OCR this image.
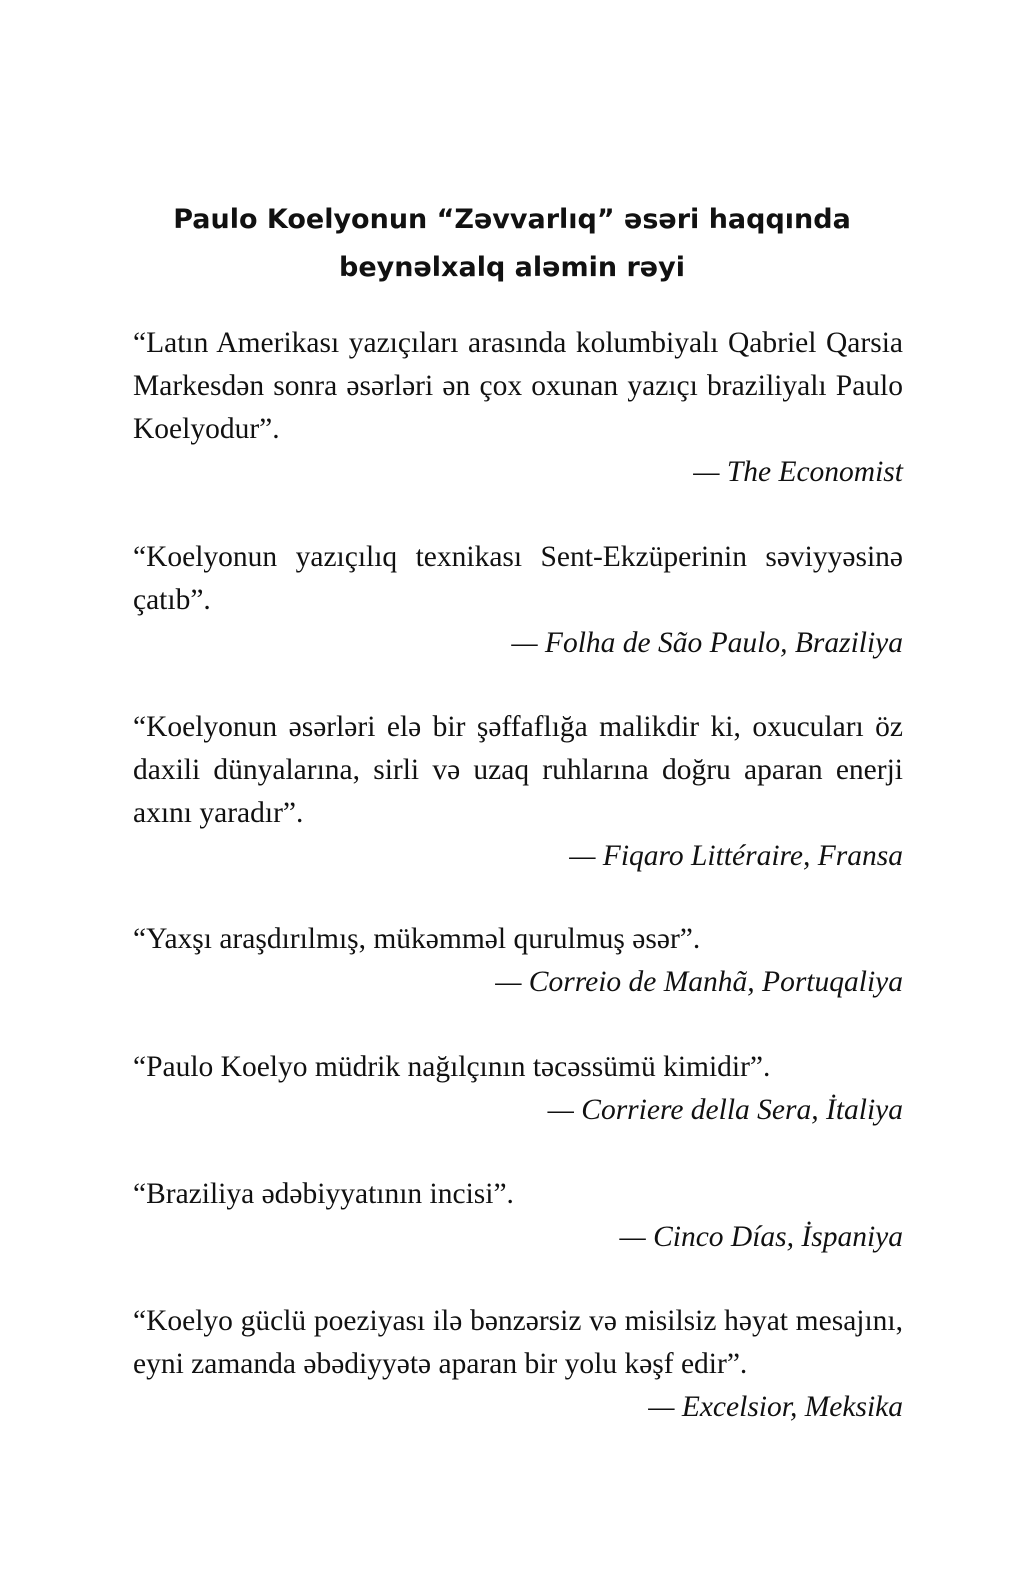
Paulo Koelyonun “Zəvvarlıq” əsəri haqqında
beynəlxalq aləmin rəyi

“Latın Amerikası yazıçıları arasında kolumbiyalı Qabriel Qarsia Markesdən sonra əsərləri ən çox oxunan yazıçı braziliyalı Paulo Koelyodur”.

— The Economist

“Koelyonun yazıçılıq texnikası Sent-Ekzüperinin səviyyəsinə çatıb”.

— Folha de São Paulo, Braziliya

“Koelyonun əsərləri elə bir şəffaflığa malikdir ki, oxucuları öz daxili dünyalarına, sirli və uzaq ruhlarına doğru aparan enerji axını yaradır”.

— Fiqaro Littéraire, Fransa

“Yaxşı araşdırılmış, mükəmməl qurulmuş əsər”.

— Correio de Manhã, Portuqaliya

“Paulo Koelyo müdrik nağılçının təcəssümü kimidir”.

— Corriere della Sera, İtaliya

“Braziliya ədəbiyyatının incisi”.

— Cinco Días, İspaniya

“Koelyo güclü poeziyası ilə bənzərsiz və misilsiz həyat mesajını, eyni zamanda əbədiyyətə aparan bir yolu kəşf edir”.

— Excelsior, Meksika
